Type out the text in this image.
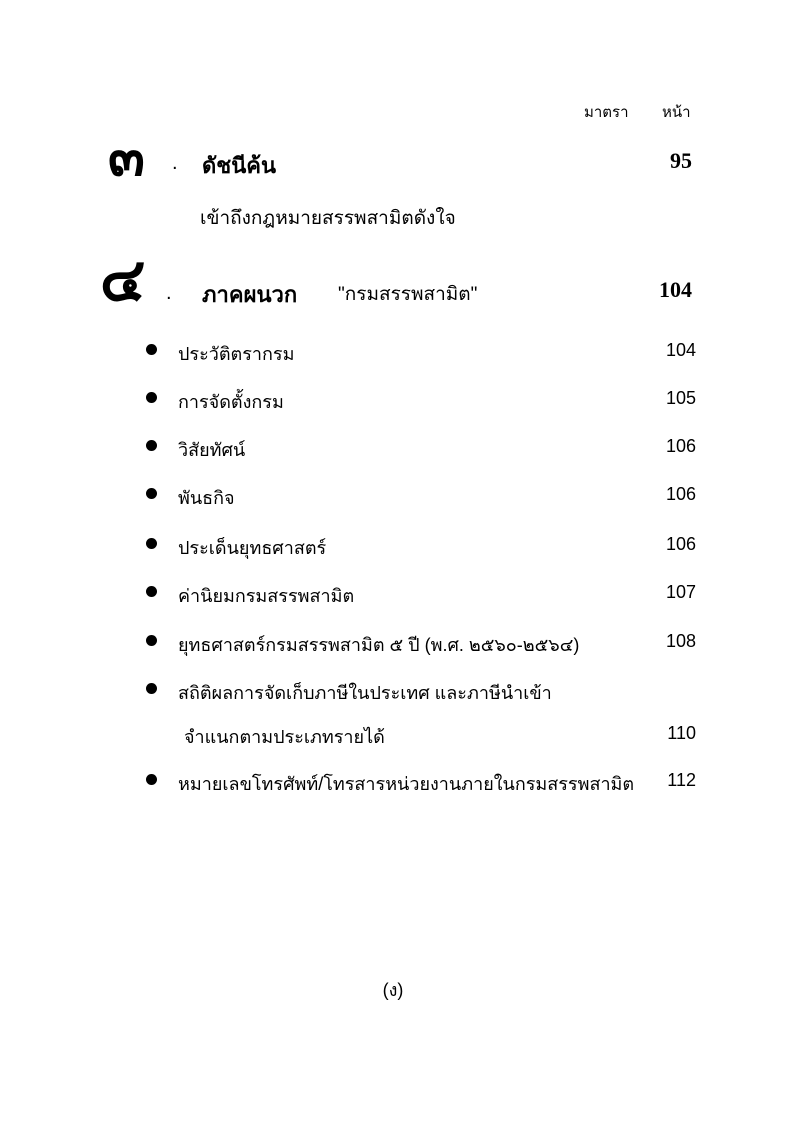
มาตรา หน้า
๓ . ดัชนีค้น	95
เข้าถึงกฎหมายสรรพสามิตดังใจ
๔ . ภาคผนวก "กรมสรรพสามิต"	104
ประวัติตรากรม	104
การจัดตั้งกรม	105
วิสัยทัศน์	106
พันธกิจ	106
ประเด็นยุทธศาสตร์	106
ค่านิยมกรมสรรพสามิต	107
ยุทธศาสตร์กรมสรรพสามิต ๕ ปี (พ.ศ. ๒๕๖๐-๒๕๖๔)	108
สถิติผลการจัดเก็บภาษีในประเทศ และภาษีนำเข้า
จำแนกตามประเภทรายได้	110
หมายเลขโทรศัพท์/โทรสารหน่วยงานภายในกรมสรรพสามิต 112
(ง)
